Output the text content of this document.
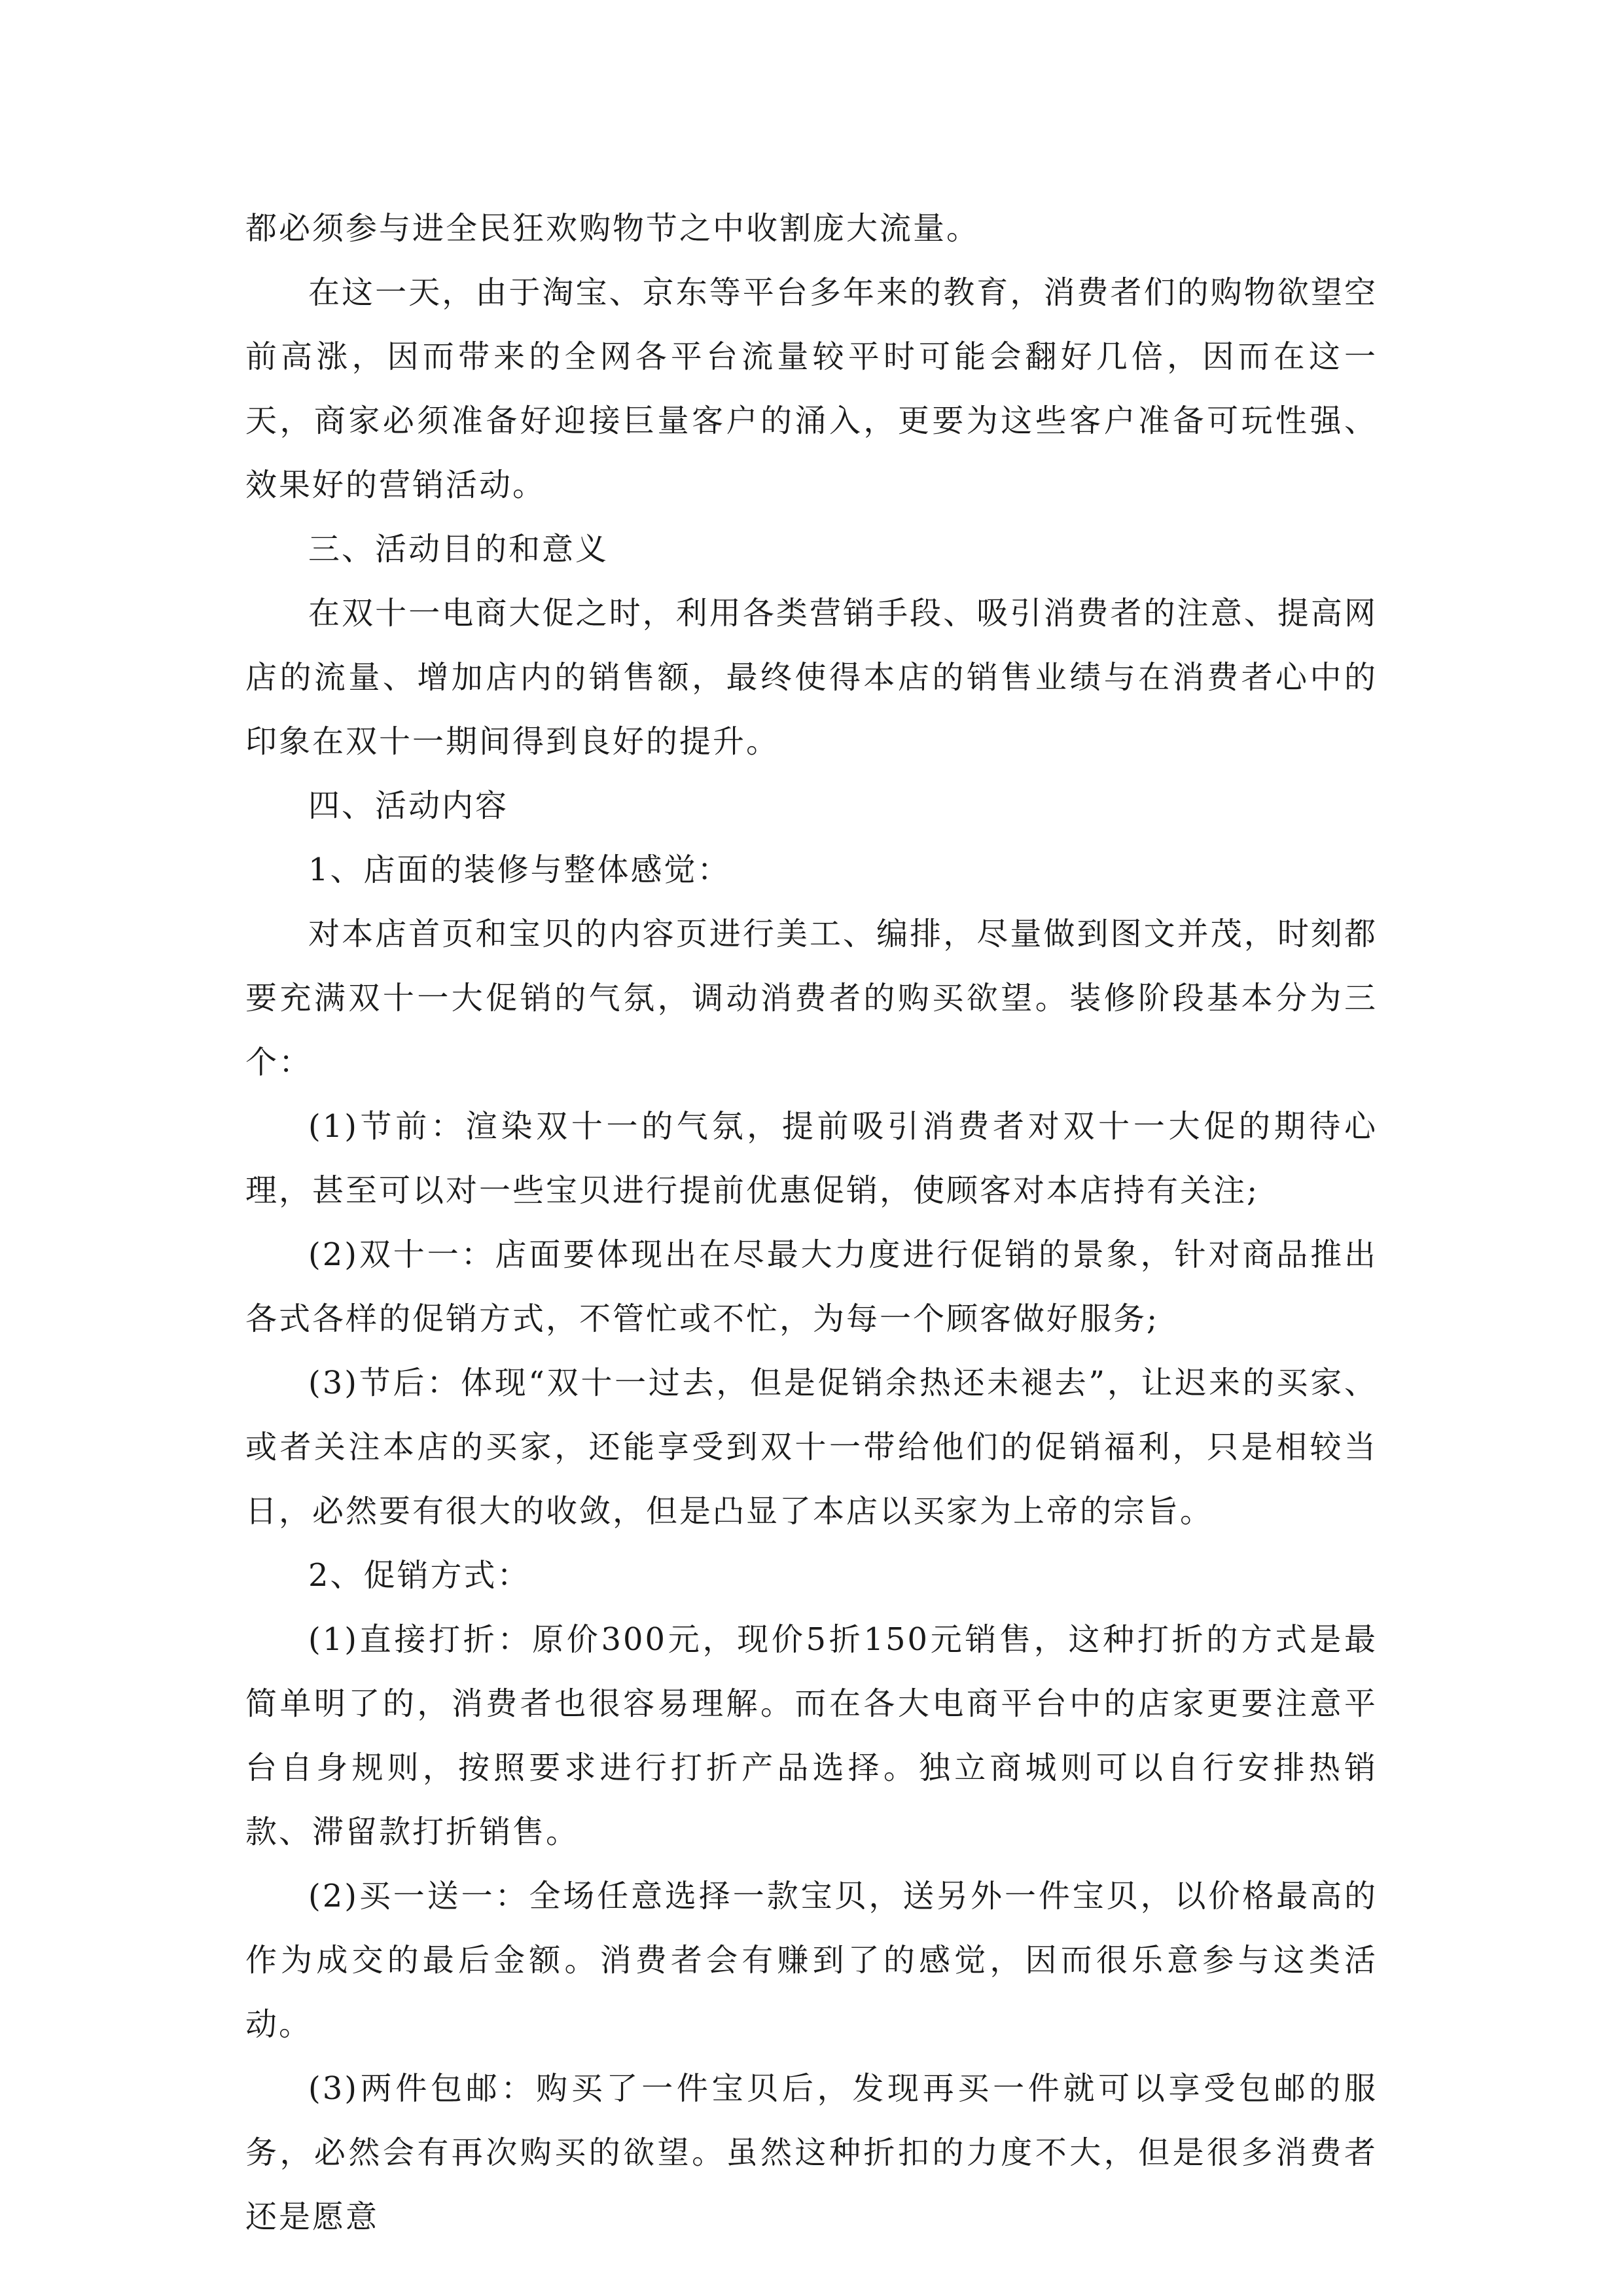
都必须参与进全民狂欢购物节之中收割庞大流量。

在这一天，由于淘宝、京东等平台多年来的教育，消费者们的购物欲望空前高涨，因而带来的全网各平台流量较平时可能会翻好几倍，因而在这一天，商家必须准备好迎接巨量客户的涌入，更要为这些客户准备可玩性强、效果好的营销活动。

三、活动目的和意义

在双十一电商大促之时，利用各类营销手段、吸引消费者的注意、提高网店的流量、增加店内的销售额，最终使得本店的销售业绩与在消费者心中的印象在双十一期间得到良好的提升。

四、活动内容

1、店面的装修与整体感觉：

对本店首页和宝贝的内容页进行美工、编排，尽量做到图文并茂，时刻都要充满双十一大促销的气氛，调动消费者的购买欲望。装修阶段基本分为三个：

(1)节前：渲染双十一的气氛，提前吸引消费者对双十一大促的期待心理，甚至可以对一些宝贝进行提前优惠促销，使顾客对本店持有关注;

(2)双十一：店面要体现出在尽最大力度进行促销的景象，针对商品推出各式各样的促销方式，不管忙或不忙，为每一个顾客做好服务;

(3)节后：体现“双十一过去，但是促销余热还未褪去”，让迟来的买家、或者关注本店的买家，还能享受到双十一带给他们的促销福利，只是相较当日，必然要有很大的收敛，但是凸显了本店以买家为上帝的宗旨。

2、促销方式：

(1)直接打折：原价300元，现价5折150元销售，这种打折的方式是最简单明了的，消费者也很容易理解。而在各大电商平台中的店家更要注意平台自身规则，按照要求进行打折产品选择。独立商城则可以自行安排热销款、滞留款打折销售。

(2)买一送一：全场任意选择一款宝贝，送另外一件宝贝，以价格最高的作为成交的最后金额。消费者会有赚到了的感觉，因而很乐意参与这类活动。

(3)两件包邮：购买了一件宝贝后，发现再买一件就可以享受包邮的服务，必然会有再次购买的欲望。虽然这种折扣的力度不大，但是很多消费者还是愿意
